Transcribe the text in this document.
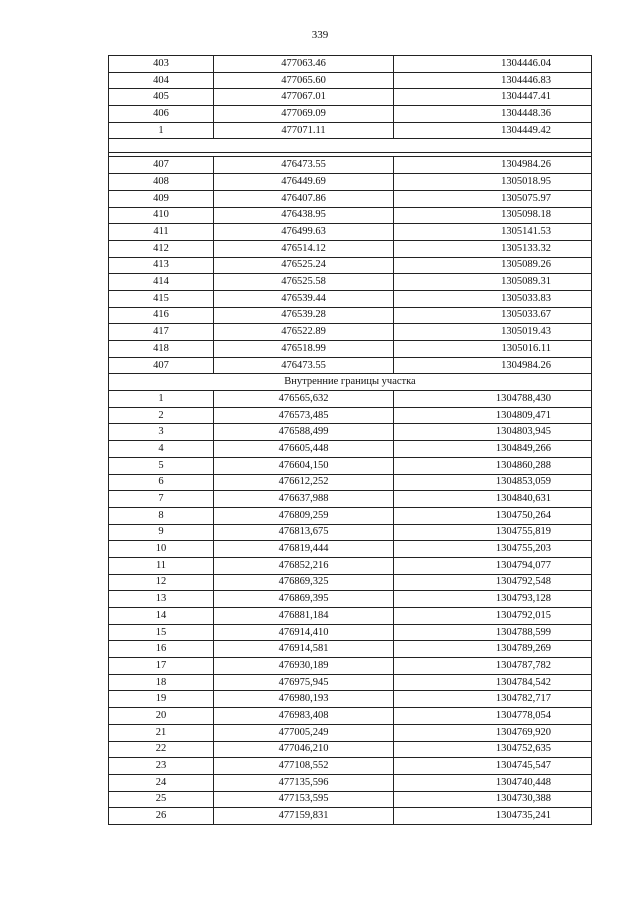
339
403	477063.46	1304446.04
404	477065.60	1304446.83
405	477067.01	1304447.41
406	477069.09	1304448.36
1	477071.11	1304449.42

407	476473.55	1304984.26
408	476449.69	1305018.95
409	476407.86	1305075.97
410	476438.95	1305098.18
411	476499.63	1305141.53
412	476514.12	1305133.32
413	476525.24	1305089.26
414	476525.58	1305089.31
415	476539.44	1305033.83
416	476539.28	1305033.67
417	476522.89	1305019.43
418	476518.99	1305016.11
407	476473.55	1304984.26
Внутренние границы участка		
1	476565,632	1304788,430
2	476573,485	1304809,471
3	476588,499	1304803,945
4	476605,448	1304849,266
5	476604,150	1304860,288
6	476612,252	1304853,059
7	476637,988	1304840,631
8	476809,259	1304750,264
9	476813,675	1304755,819
10	476819,444	1304755,203
11	476852,216	1304794,077
12	476869,325	1304792,548
13	476869,395	1304793,128
14	476881,184	1304792,015
15	476914,410	1304788,599
16	476914,581	1304789,269
17	476930,189	1304787,782
18	476975,945	1304784,542
19	476980,193	1304782,717
20	476983,408	1304778,054
21	477005,249	1304769,920
22	477046,210	1304752,635
23	477108,552	1304745,547
24	477135,596	1304740,448
25	477153,595	1304730,388
26	477159,831	1304735,241
